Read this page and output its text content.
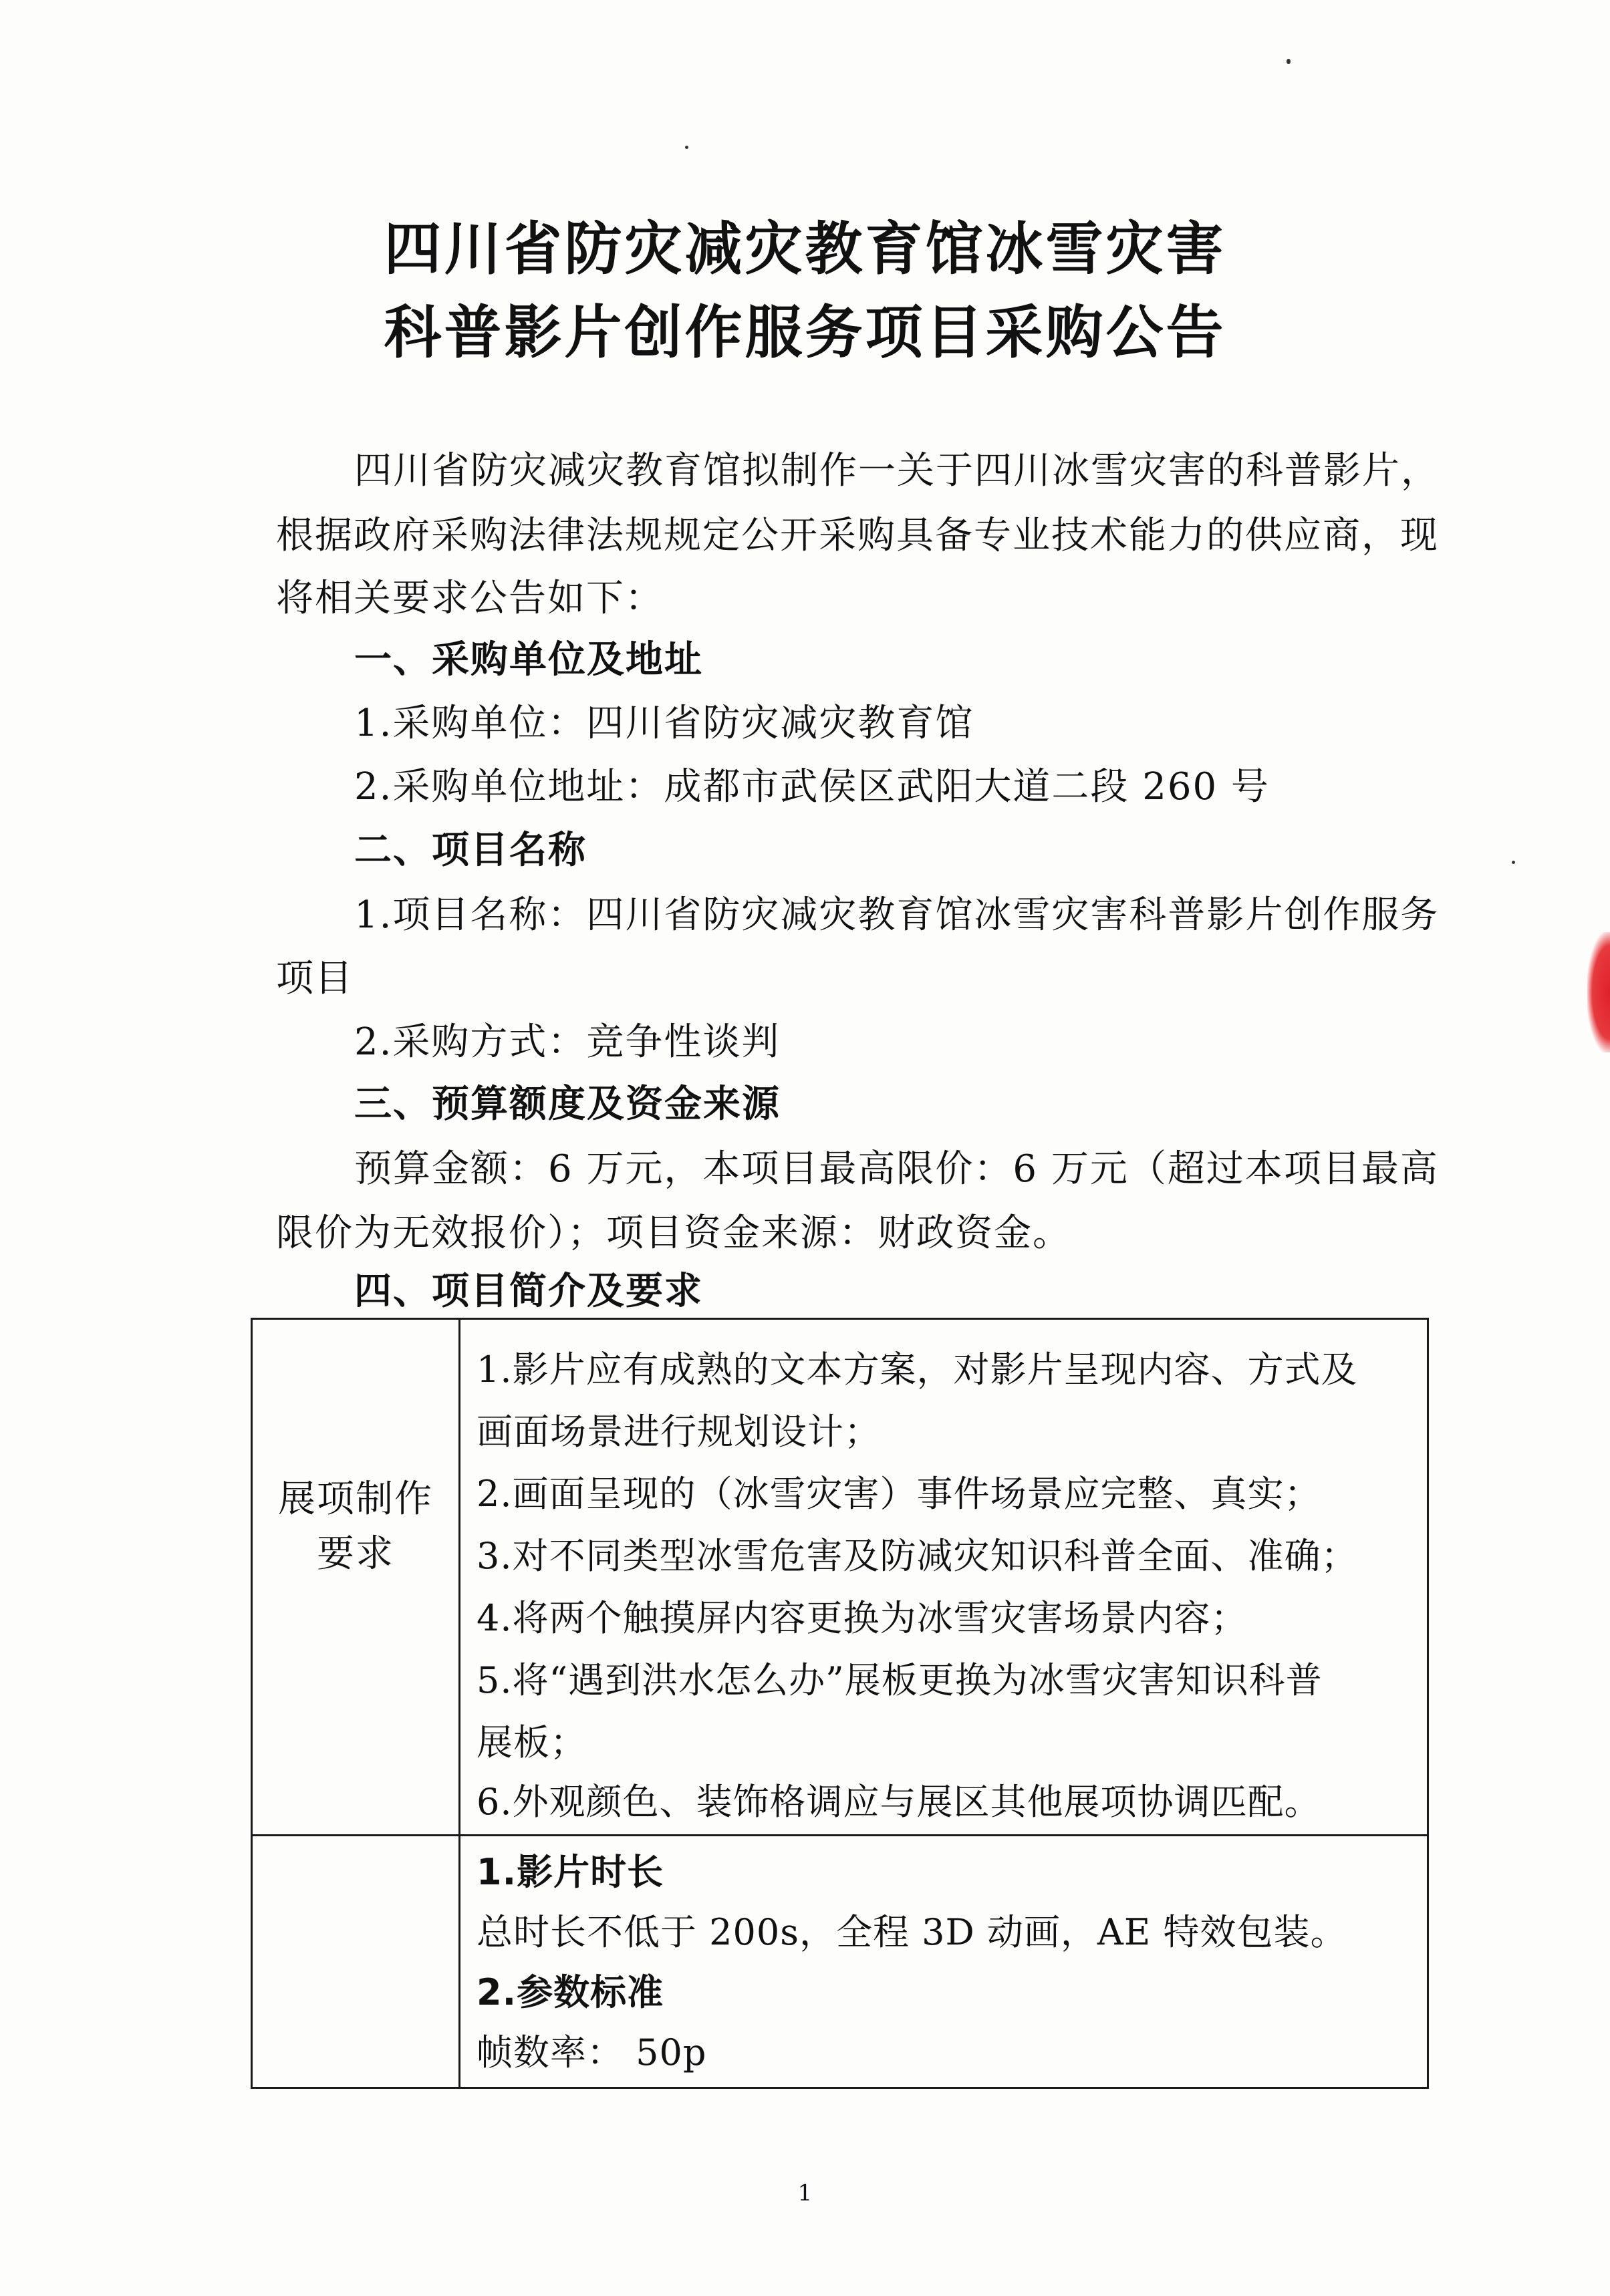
四川省防灾减灾教育馆冰雪灾害
科普影片创作服务项目采购公告
四川省防灾减灾教育馆拟制作一关于四川冰雪灾害的科普影片，
根据政府采购法律法规规定公开采购具备专业技术能力的供应商，现
将相关要求公告如下：
一、采购单位及地址
1.采购单位：四川省防灾减灾教育馆
2.采购单位地址：成都市武侯区武阳大道二段 260 号
二、项目名称
1.项目名称：四川省防灾减灾教育馆冰雪灾害科普影片创作服务
项目
2.采购方式：竞争性谈判
三、预算额度及资金来源
预算金额：6 万元，本项目最高限价：6 万元（超过本项目最高
限价为无效报价）；项目资金来源：财政资金。
四、项目简介及要求
展项制作
要求
1.影片应有成熟的文本方案，对影片呈现内容、方式及
画面场景进行规划设计；
2.画面呈现的（冰雪灾害）事件场景应完整、真实；
3.对不同类型冰雪危害及防减灾知识科普全面、准确；
4.将两个触摸屏内容更换为冰雪灾害场景内容；
5.将“遇到洪水怎么办”展板更换为冰雪灾害知识科普
展板；
6.外观颜色、装饰格调应与展区其他展项协调匹配。
1.影片时长
总时长不低于 200s，全程 3D 动画，AE 特效包装。
2.参数标准
帧数率： 50p
1
